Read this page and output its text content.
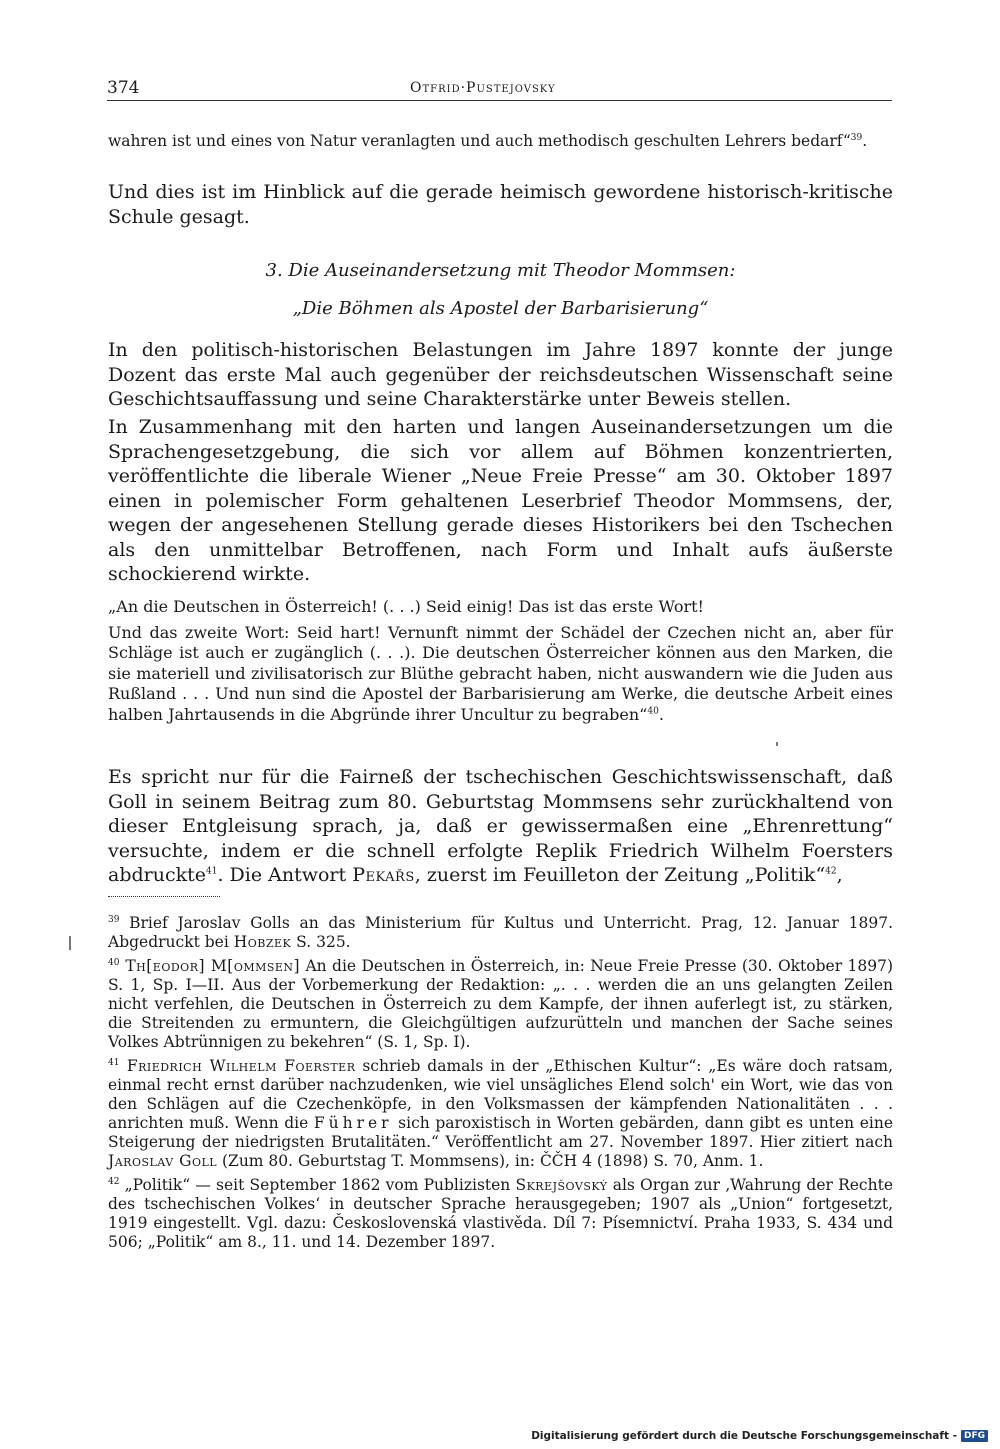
374	Otfrid·Pustejovsky
wahren ist und eines von Natur veranlagten und auch methodisch geschulten Lehrers bedarf“$^{39}$.
Und dies ist im Hinblick auf die gerade heimisch gewordene historisch-kritische Schule gesagt.
3. Die Auseinandersetzung mit Theodor Mommsen:
„Die Böhmen als Apostel der Barbarisierung“
In den politisch-historischen Belastungen im Jahre 1897 konnte der junge Dozent das erste Mal auch gegenüber der reichsdeutschen Wissenschaft seine Geschichtsauffassung und seine Charakterstärke unter Beweis stellen.
In Zusammenhang mit den harten und langen Auseinandersetzungen um die Sprachengesetzgebung, die sich vor allem auf Böhmen konzentrierten, veröffentlichte die liberale Wiener „Neue Freie Presse“ am 30. Oktober 1897 einen in polemischer Form gehaltenen Leserbrief Theodor Mommsens, der, wegen der angesehenen Stellung gerade dieses Historikers bei den Tschechen als den unmittelbar Betroffenen, nach Form und Inhalt aufs äußerste schockierend wirkte.
„An die Deutschen in Österreich! (. . .) Seid einig! Das ist das erste Wort!
Und das zweite Wort: Seid hart! Vernunft nimmt der Schädel der Czechen nicht an, aber für Schläge ist auch er zugänglich (. . .). Die deutschen Österreicher können aus den Marken, die sie materiell und zivilisatorisch zur Blüthe gebracht haben, nicht auswandern wie die Juden aus Rußland . . . Und nun sind die Apostel der Barbarisierung am Werke, die deutsche Arbeit eines halben Jahrtausends in die Abgründe ihrer Uncultur zu begraben“$^{40}$.
Es spricht nur für die Fairneß der tschechischen Geschichtswissenschaft, daß Goll in seinem Beitrag zum 80. Geburtstag Mommsens sehr zurückhaltend von dieser Entgleisung sprach, ja, daß er gewissermaßen eine „Ehrenrettung“ versuchte, indem er die schnell erfolgte Replik Friedrich Wilhelm Foersters abdruckte$^{41}$. Die Antwort Pekařs, zuerst im Feuilleton der Zeitung „Politik“$^{42}$,
$^{39}$ Brief Jaroslav Golls an das Ministerium für Kultus und Unterricht. Prag, 12. Januar 1897. Abgedruckt bei Hobzek S. 325.
$^{40}$ Th[eodor] M[ommsen] An die Deutschen in Österreich, in: Neue Freie Presse (30. Oktober 1897) S. 1, Sp. I—II. Aus der Vorbemerkung der Redaktion: „. . . werden die an uns gelangten Zeilen nicht verfehlen, die Deutschen in Österreich zu dem Kampfe, der ihnen auferlegt ist, zu stärken, die Streitenden zu ermuntern, die Gleichgültigen aufzurütteln und manchen der Sache seines Volkes Abtrünnigen zu bekehren“ (S. 1, Sp. I).
$^{41}$ Friedrich Wilhelm Foerster schrieb damals in der „Ethischen Kultur“: „Es wäre doch ratsam, einmal recht ernst darüber nachzudenken, wie viel unsägliches Elend solch' ein Wort, wie das von den Schlägen auf die Czechenköpfe, in den Volksmassen der kämpfenden Nationalitäten . . . anrichten muß. Wenn die Führer sich paroxistisch in Worten gebärden, dann gibt es unten eine Steigerung der niedrigsten Brutalitäten.“ Veröffentlicht am 27. November 1897. Hier zitiert nach Jaroslav Goll (Zum 80. Geburtstag T. Mommsens), in: ČČH 4 (1898) S. 70, Anm. 1.
$^{42}$ „Politik“ — seit September 1862 vom Publizisten Skrejšovský als Organ zur ‚Wahrung der Rechte des tschechischen Volkes‘ in deutscher Sprache herausgegeben; 1907 als „Union“ fortgesetzt, 1919 eingestellt. Vgl. dazu: Československá vlastivěda. Díl 7: Písemnictví. Praha 1933, S. 434 und 506; „Politik“ am 8., 11. und 14. Dezember 1897.
Digitalisierung gefördert durch die Deutsche Forschungsgemeinschaft - DFG
